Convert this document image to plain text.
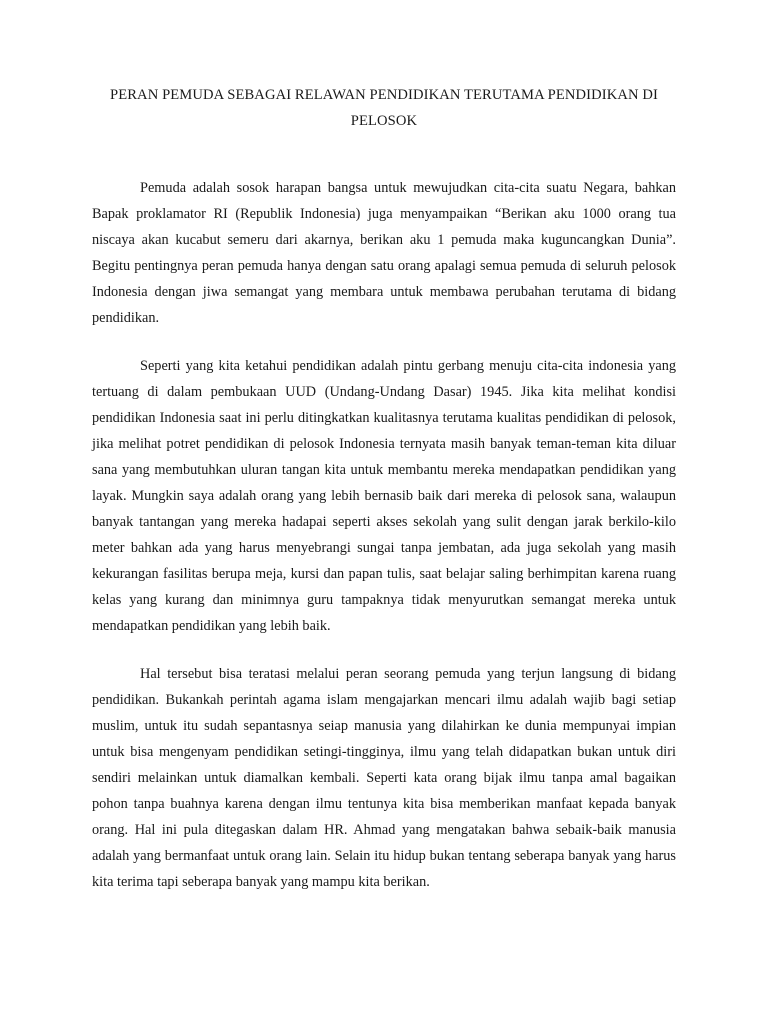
PERAN PEMUDA SEBAGAI RELAWAN PENDIDIKAN TERUTAMA PENDIDIKAN DI PELOSOK

Pemuda adalah sosok harapan bangsa untuk mewujudkan cita-cita suatu Negara, bahkan Bapak proklamator RI (Republik Indonesia) juga menyampaikan “Berikan aku 1000 orang tua niscaya akan kucabut semeru dari akarnya, berikan aku 1 pemuda maka kuguncangkan Dunia”. Begitu pentingnya peran pemuda hanya dengan satu orang apalagi semua pemuda di seluruh pelosok Indonesia dengan jiwa semangat yang membara untuk membawa perubahan terutama di bidang pendidikan.

Seperti yang kita ketahui pendidikan adalah pintu gerbang menuju cita-cita indonesia yang tertuang di dalam pembukaan UUD (Undang-Undang Dasar) 1945. Jika kita melihat kondisi pendidikan Indonesia saat ini perlu ditingkatkan kualitasnya terutama kualitas pendidikan di pelosok, jika melihat potret pendidikan di pelosok Indonesia ternyata masih banyak teman-teman kita diluar sana yang membutuhkan uluran tangan kita untuk membantu mereka mendapatkan pendidikan yang layak. Mungkin saya adalah orang yang lebih bernasib baik dari mereka di pelosok sana, walaupun banyak tantangan yang mereka hadapai seperti akses sekolah yang sulit dengan jarak berkilo-kilo meter bahkan ada yang harus menyebrangi sungai tanpa jembatan, ada juga sekolah yang masih kekurangan fasilitas berupa meja, kursi dan papan tulis, saat belajar saling berhimpitan karena ruang kelas yang kurang dan minimnya guru tampaknya tidak menyurutkan semangat mereka untuk mendapatkan pendidikan yang lebih baik.

Hal tersebut bisa teratasi melalui peran seorang pemuda yang terjun langsung di bidang pendidikan. Bukankah perintah agama islam mengajarkan mencari ilmu adalah wajib bagi setiap muslim, untuk itu sudah sepantasnya seiap manusia yang dilahirkan ke dunia mempunyai impian untuk bisa mengenyam pendidikan setingi-tingginya, ilmu yang telah didapatkan bukan untuk diri sendiri melainkan untuk diamalkan kembali. Seperti kata orang bijak ilmu tanpa amal bagaikan pohon tanpa buahnya karena dengan ilmu tentunya kita bisa memberikan manfaat kepada banyak orang. Hal ini pula ditegaskan dalam HR. Ahmad yang mengatakan bahwa sebaik-baik manusia adalah yang bermanfaat untuk orang lain. Selain itu hidup bukan tentang seberapa banyak yang harus kita terima tapi seberapa banyak yang mampu kita berikan.
